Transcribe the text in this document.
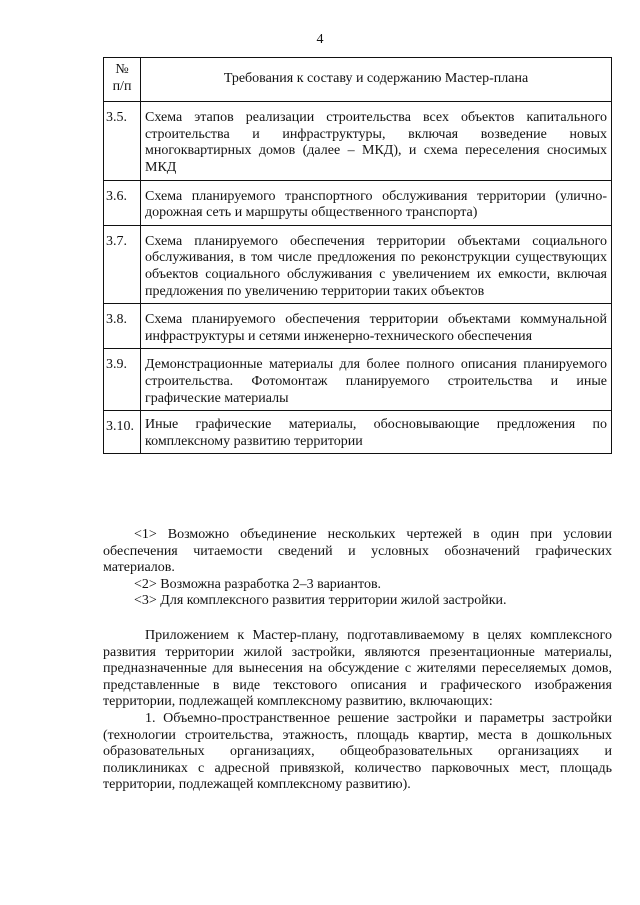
4
№
п/п	Требования к составу и содержанию Мастер-плана
3.5.	Схема этапов реализации строительства всех объектов капитального строительства и инфраструктуры, включая возведение новых многоквартирных домов (далее – МКД), и схема переселения сносимых МКД
3.6.	Схема планируемого транспортного обслуживания территории (улично-дорожная сеть и маршруты общественного транспорта)
3.7.	Схема планируемого обеспечения территории объектами социального обслуживания, в том числе предложения по реконструкции существующих объектов социального обслуживания с увеличением их емкости, включая предложения по увеличению территории таких объектов
3.8.	Схема планируемого обеспечения территории объектами коммунальной инфраструктуры и сетями инженерно-технического обеспечения
3.9.	Демонстрационные материалы для более полного описания планируемого строительства. Фотомонтаж планируемого строительства и иные графические материалы
3.10.	Иные графические материалы, обосновывающие предложения по комплексному развитию территории

<1> Возможно объединение нескольких чертежей в один при условии обеспечения читаемости сведений и условных обозначений графических материалов.

<2> Возможна разработка 2–3 вариантов.

<3> Для комплексного развития территории жилой застройки.

Приложением к Мастер-плану, подготавливаемому в целях комплексного развития территории жилой застройки, являются презентационные материалы, предназначенные для вынесения на обсуждение с жителями переселяемых домов, представленные в виде текстового описания и графического изображения территории, подлежащей комплексному развитию, включающих:

1. Объемно-пространственное решение застройки и параметры застройки (технологии строительства, этажность, площадь квартир, места в дошкольных образовательных организациях, общеобразовательных организациях и поликлиниках с адресной привязкой, количество парковочных мест, площадь территории, подлежащей комплексному развитию).
